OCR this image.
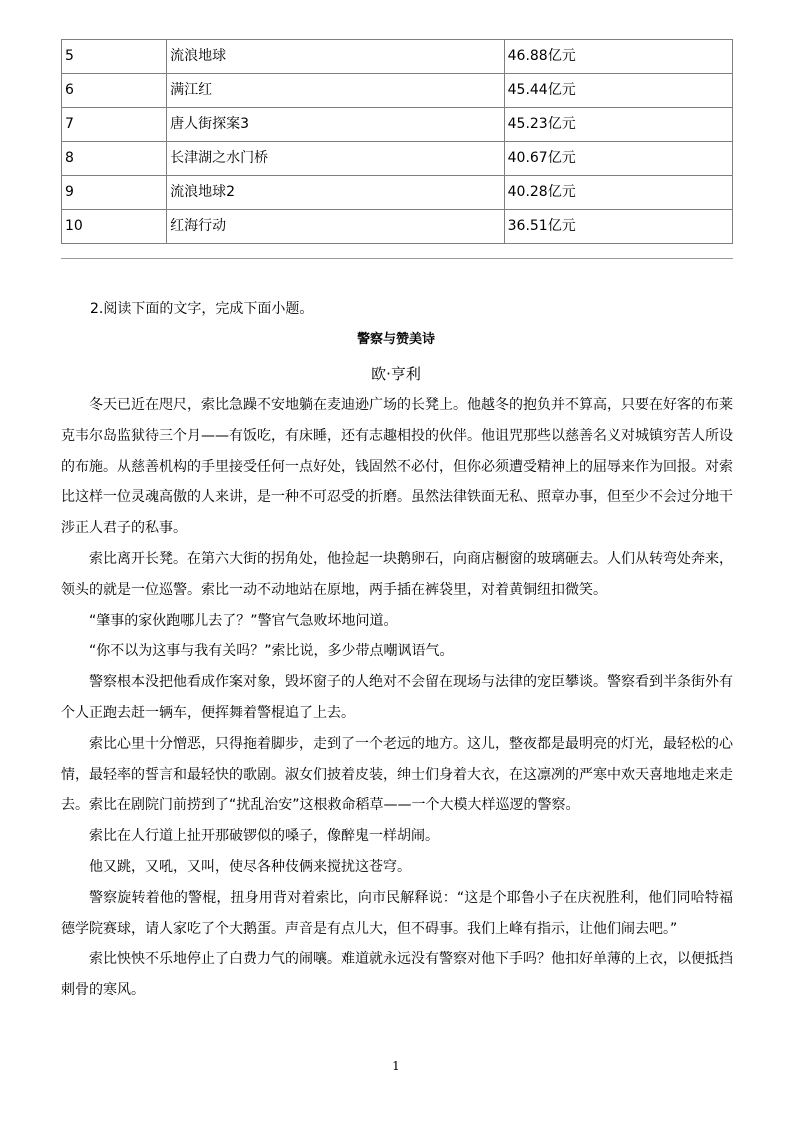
5	流浪地球	46.88亿元
6	满江红	45.44亿元
7	唐人街探案3	45.23亿元
8	长津湖之水门桥	40.67亿元
9	流浪地球2	40.28亿元
10	红海行动	36.51亿元
2.阅读下面的文字，完成下面小题。
警察与赞美诗
欧·亨利

冬天已近在咫尺，索比急躁不安地躺在麦迪逊广场的长凳上。他越冬的抱负并不算高，只要在好客的布莱克韦尔岛监狱待三个月——有饭吃，有床睡，还有志趣相投的伙伴。他诅咒那些以慈善名义对城镇穷苦人所设的布施。从慈善机构的手里接受任何一点好处，钱固然不必付，但你必须遭受精神上的屈辱来作为回报。对索比这样一位灵魂高傲的人来讲，是一种不可忍受的折磨。虽然法律铁面无私、照章办事，但至少不会过分地干涉正人君子的私事。

索比离开长凳。在第六大街的拐角处，他捡起一块鹅卵石，向商店橱窗的玻璃砸去。人们从转弯处奔来，领头的就是一位巡警。索比一动不动地站在原地，两手插在裤袋里，对着黄铜纽扣微笑。

“肇事的家伙跑哪儿去了？”警官气急败坏地问道。

“你不以为这事与我有关吗？”索比说，多少带点嘲讽语气。

警察根本没把他看成作案对象，毁坏窗子的人绝对不会留在现场与法律的宠臣攀谈。警察看到半条街外有个人正跑去赶一辆车，便挥舞着警棍追了上去。

索比心里十分憎恶，只得拖着脚步，走到了一个老远的地方。这儿，整夜都是最明亮的灯光，最轻松的心情，最轻率的誓言和最轻快的歌剧。淑女们披着皮装，绅士们身着大衣，在这凛冽的严寒中欢天喜地地走来走去。索比在剧院门前捞到了“扰乱治安”这根救命稻草——一个大模大样巡逻的警察。

索比在人行道上扯开那破锣似的嗓子，像醉鬼一样胡闹。

他又跳，又吼，又叫，使尽各种伎俩来搅扰这苍穹。

警察旋转着他的警棍，扭身用背对着索比，向市民解释说：“这是个耶鲁小子在庆祝胜利，他们同哈特福德学院赛球，请人家吃了个大鹅蛋。声音是有点儿大，但不碍事。我们上峰有指示，让他们闹去吧。”

索比怏怏不乐地停止了白费力气的闹嚷。难道就永远没有警察对他下手吗？他扣好单薄的上衣，以便抵挡刺骨的寒风。

1
